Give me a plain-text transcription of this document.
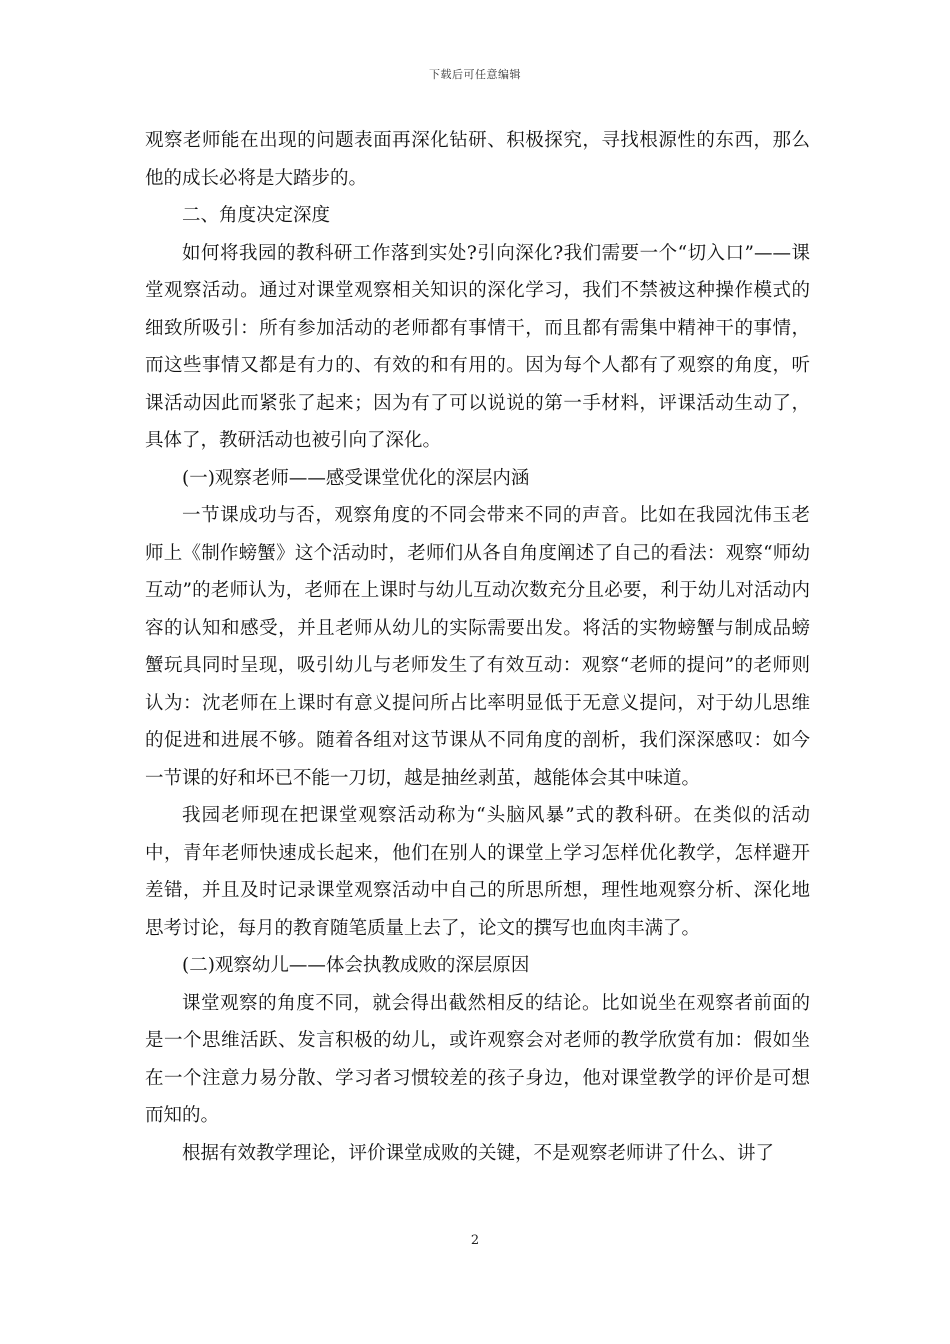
下载后可任意编辑

观察老师能在出现的问题表面再深化钻研、积极探究，寻找根源性的东西，那么他的成长必将是大踏步的。

二、角度决定深度

如何将我园的教科研工作落到实处?引向深化?我们需要一个“切入口”——课堂观察活动。通过对课堂观察相关知识的深化学习，我们不禁被这种操作模式的细致所吸引：所有参加活动的老师都有事情干，而且都有需集中精神干的事情，而这些事情又都是有力的、有效的和有用的。因为每个人都有了观察的角度，听课活动因此而紧张了起来；因为有了可以说说的第一手材料，评课活动生动了，具体了，教研活动也被引向了深化。

(一)观察老师——感受课堂优化的深层内涵

一节课成功与否，观察角度的不同会带来不同的声音。比如在我园沈伟玉老师上《制作螃蟹》这个活动时，老师们从各自角度阐述了自己的看法：观察“师幼互动”的老师认为，老师在上课时与幼儿互动次数充分且必要，利于幼儿对活动内容的认知和感受，并且老师从幼儿的实际需要出发。将活的实物螃蟹与制成品螃蟹玩具同时呈现，吸引幼儿与老师发生了有效互动：观察“老师的提问”的老师则认为：沈老师在上课时有意义提问所占比率明显低于无意义提问，对于幼儿思维的促进和进展不够。随着各组对这节课从不同角度的剖析，我们深深感叹：如今一节课的好和坏已不能一刀切，越是抽丝剥茧，越能体会其中味道。

我园老师现在把课堂观察活动称为“头脑风暴”式的教科研。在类似的活动中，青年老师快速成长起来，他们在别人的课堂上学习怎样优化教学，怎样避开差错，并且及时记录课堂观察活动中自己的所思所想，理性地观察分析、深化地思考讨论，每月的教育随笔质量上去了，论文的撰写也血肉丰满了。

(二)观察幼儿——体会执教成败的深层原因

课堂观察的角度不同，就会得出截然相反的结论。比如说坐在观察者前面的是一个思维活跃、发言积极的幼儿，或许观察会对老师的教学欣赏有加：假如坐在一个注意力易分散、学习者习惯较差的孩子身边，他对课堂教学的评价是可想而知的。

根据有效教学理论，评价课堂成败的关键，不是观察老师讲了什么、讲了

2
